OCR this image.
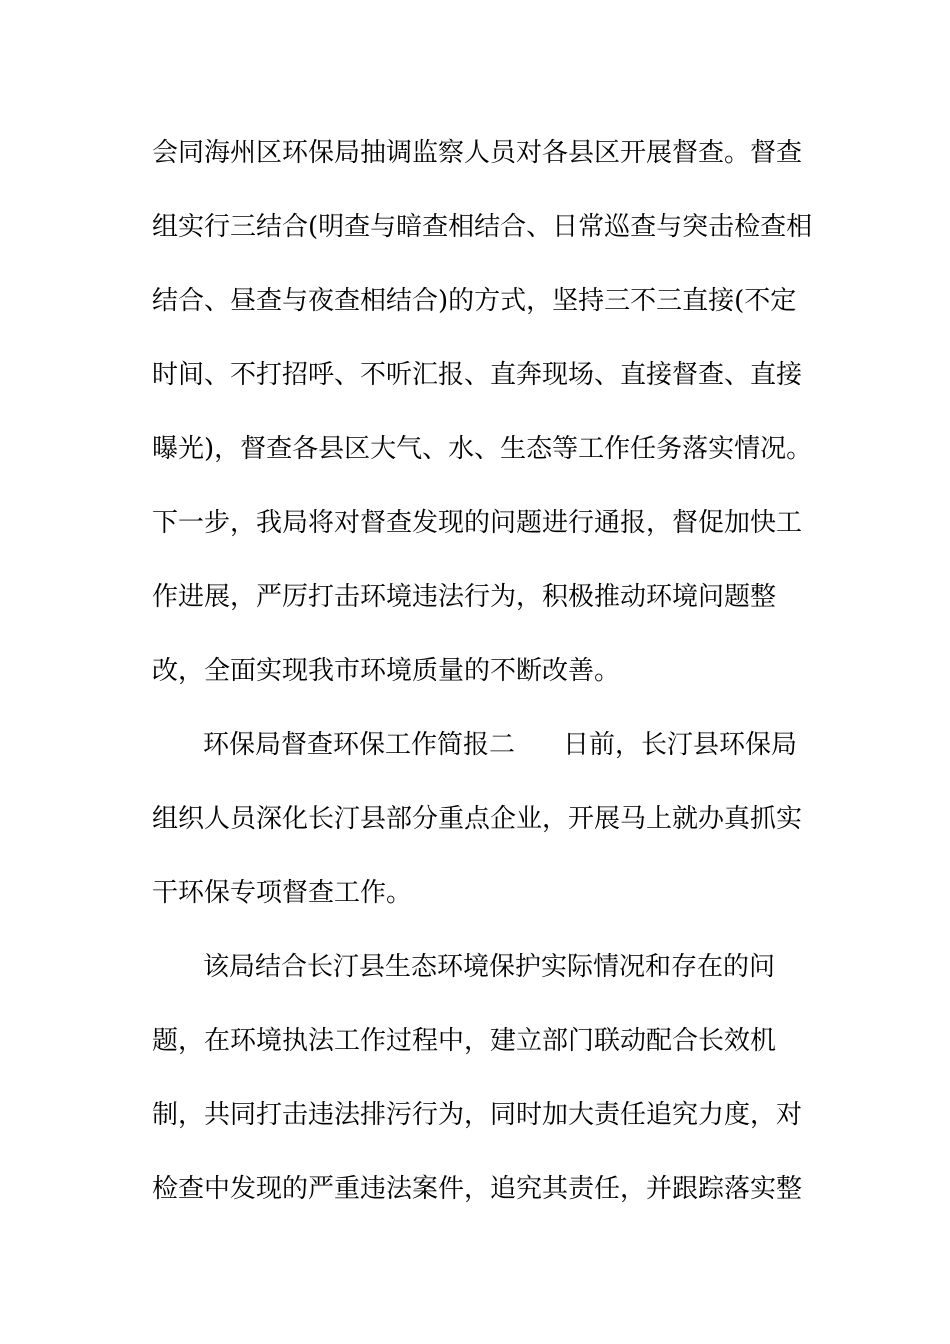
会同海州区环保局抽调监察人员对各县区开展督查。督查
组实行三结合(明查与暗查相结合、日常巡查与突击检查相
结合、昼查与夜查相结合)的方式，坚持三不三直接(不定
时间、不打招呼、不听汇报、直奔现场、直接督查、直接
曝光)，督查各县区大气、水、生态等工作任务落实情况。
下一步，我局将对督查发现的问题进行通报，督促加快工
作进展，严厉打击环境违法行为，积极推动环境问题整
改，全面实现我市环境质量的不断改善。
环保局督查环保工作简报二 日前，长汀县环保局
组织人员深化长汀县部分重点企业，开展马上就办真抓实
干环保专项督查工作。
该局结合长汀县生态环境保护实际情况和存在的问
题，在环境执法工作过程中，建立部门联动配合长效机
制，共同打击违法排污行为，同时加大责任追究力度，对
检查中发现的严重违法案件，追究其责任，并跟踪落实整
